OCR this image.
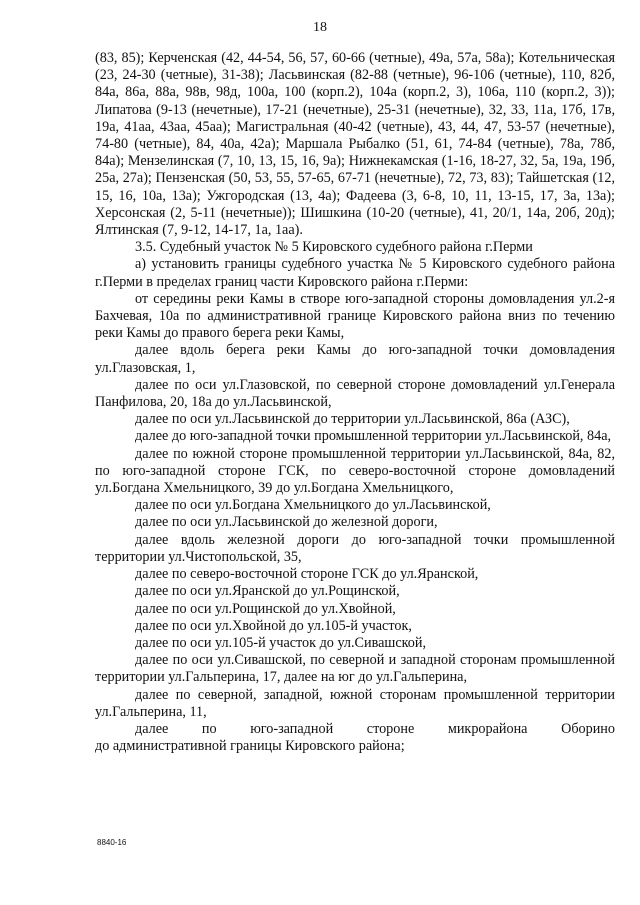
18

(83, 85); Керченская (42, 44-54, 56, 57, 60-66 (четные), 49а, 57а, 58а); Котельническая (23, 24-30 (четные), 31-38); Ласьвинская (82-88 (четные), 96-106 (четные), 110, 82б, 84а, 86а, 88а, 98в, 98д, 100а, 100 (корп.2), 104а (корп.2, 3), 106а, 110 (корп.2, 3)); Липатова (9-13 (нечетные), 17-21 (нечетные), 25-31 (нечетные), 32, 33, 11а, 17б, 17в, 19а, 41аа, 43аа, 45аа); Магистральная (40-42 (четные), 43, 44, 47, 53-57 (нечетные), 74-80 (четные), 84, 40а, 42а); Маршала Рыбалко (51, 61, 74-84 (четные), 78а, 78б, 84а); Мензелинская (7, 10, 13, 15, 16, 9а); Нижнекамская (1-16, 18-27, 32, 5а, 19а, 19б, 25а, 27а); Пензенская (50, 53, 55, 57-65, 67-71 (нечетные), 72, 73, 83); Тайшетская (12, 15, 16, 10а, 13а); Ужгородская (13, 4а); Фадеева (3, 6-8, 10, 11, 13-15, 17, 3а, 13а); Херсонская (2, 5-11 (нечетные)); Шишкина (10-20 (четные), 41, 20/1, 14а, 20б, 20д); Ялтинская (7, 9-12, 14-17, 1а, 1аа).

3.5. Судебный участок № 5 Кировского судебного района г.Перми

а) установить границы судебного участка № 5 Кировского судебного района г.Перми в пределах границ части Кировского района г.Перми:

от середины реки Камы в створе юго-западной стороны домовладения ул.2-я Бахчевая, 10а по административной границе Кировского района вниз по течению реки Камы до правого берега реки Камы,

далее вдоль берега реки Камы до юго-западной точки домовладения ул.Глазовская, 1,

далее по оси ул.Глазовской, по северной стороне домовладений ул.Генерала Панфилова, 20, 18а до ул.Ласьвинской,

далее по оси ул.Ласьвинской до территории ул.Ласьвинской, 86а (АЗС),

далее до юго-западной точки промышленной территории ул.Ласьвинской, 84а,

далее по южной стороне промышленной территории ул.Ласьвинской, 84а, 82, по юго-западной стороне ГСК, по северо-восточной стороне домовладений ул.Богдана Хмельницкого, 39 до ул.Богдана Хмельницкого,

далее по оси ул.Богдана Хмельницкого до ул.Ласьвинской,

далее по оси ул.Ласьвинской до железной дороги,

далее вдоль железной дороги до юго-западной точки промышленной территории ул.Чистопольской, 35,

далее по северо-восточной стороне ГСК до ул.Яранской,

далее по оси ул.Яранской до ул.Рощинской,

далее по оси ул.Рощинской до ул.Хвойной,

далее по оси ул.Хвойной до ул.105-й участок,

далее по оси ул.105-й участок до ул.Сивашской,

далее по оси ул.Сивашской, по северной и западной сторонам промышленной территории ул.Гальперина, 17, далее на юг до ул.Гальперина,

далее по северной, западной, южной сторонам промышленной территории ул.Гальперина, 11,

далее по юго-западной стороне микрорайона Оборино

до административной границы Кировского района;

8840-16
